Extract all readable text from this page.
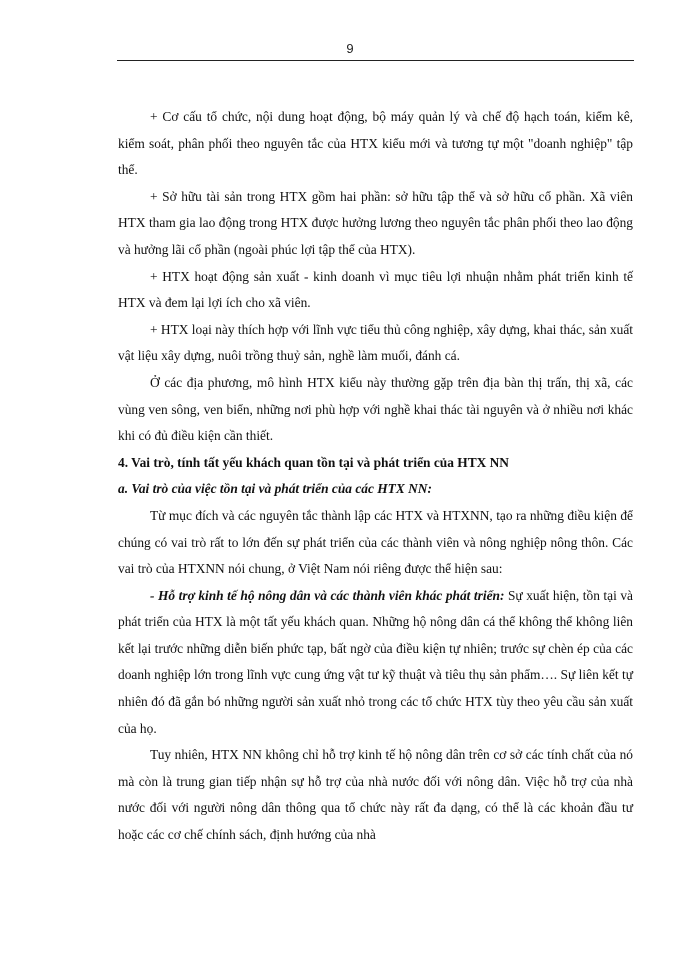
9

+ Cơ cấu tổ chức, nội dung hoạt động, bộ máy quản lý và chế độ hạch toán, kiểm kê, kiểm soát, phân phối theo nguyên tắc của HTX kiểu mới và tương tự một "doanh nghiệp" tập thể.

+ Sở hữu tài sản trong HTX gồm hai phần: sở hữu tập thể và sở hữu cổ phần. Xã viên HTX tham gia lao động trong HTX được hưởng lương theo nguyên tắc phân phối theo lao động và hưởng lãi cổ phần (ngoài phúc lợi tập thể của HTX).

+ HTX hoạt động sản xuất - kinh doanh vì mục tiêu lợi nhuận nhằm phát triển kinh tế HTX và đem lại lợi ích cho xã viên.

+ HTX loại này thích hợp với lĩnh vực tiểu thủ công nghiệp, xây dựng, khai thác, sản xuất vật liệu xây dựng, nuôi trồng thuỷ sản, nghề làm muối, đánh cá.

Ở các địa phương, mô hình HTX kiểu này thường gặp trên địa bàn thị trấn, thị xã, các vùng ven sông, ven biển, những nơi phù hợp với nghề khai thác tài nguyên và ở nhiều nơi khác khi có đủ điều kiện cần thiết.

4. Vai trò, tính tất yếu khách quan tồn tại và phát triển của HTX NN

a. Vai trò của việc tồn tại và phát triển của các HTX NN:

Từ mục đích và các nguyên tắc thành lập các HTX và HTXNN, tạo ra những điều kiện để chúng có vai trò rất to lớn đến sự phát triển của các thành viên và nông nghiệp nông thôn. Các vai trò của HTXNN nói chung, ở Việt Nam nói riêng được thể hiện sau:

- Hỗ trợ kinh tế hộ nông dân và các thành viên khác phát triển: Sự xuất hiện, tồn tại và phát triển của HTX là một tất yếu khách quan. Những hộ nông dân cá thể không thể không liên kết lại trước những diễn biến phức tạp, bất ngờ của điều kiện tự nhiên; trước sự chèn ép của các doanh nghiệp lớn trong lĩnh vực cung ứng vật tư kỹ thuật và tiêu thụ sản phẩm…. Sự liên kết tự nhiên đó đã gắn bó những người sản xuất nhỏ trong các tổ chức HTX tùy theo yêu cầu sản xuất của họ.

Tuy nhiên, HTX NN không chỉ hỗ trợ kinh tế hộ nông dân trên cơ sở các tính chất của nó mà còn là trung gian tiếp nhận sự hỗ trợ của nhà nước đối với nông dân. Việc hỗ trợ của nhà nước đối với người nông dân thông qua tổ chức này rất đa dạng, có thể là các khoản đầu tư hoặc các cơ chế chính sách, định hướng của nhà
